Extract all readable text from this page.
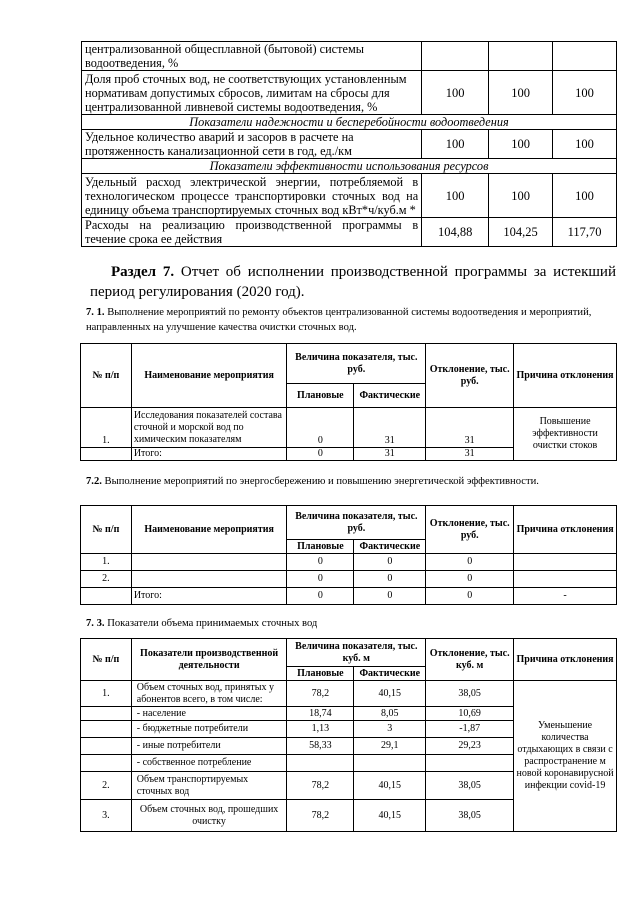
централизованной общесплавной (бытовой) системы водоотведения, %			
Доля проб сточных вод, не соответствующих установленным нормативам допустимых сбросов, лимитам на сбросы для централизованной ливневой системы водоотведения, %	100	100	100
Показатели надежности и бесперебойности водоотведения			
Удельное количество аварий и засоров в расчете на протяженность канализационной сети в год, ед./км	100	100	100
Показатели эффективности использования ресурсов			
Удельный расход электрической энергии, потребляемой в технологическом процессе транспортировки сточных вод на единицу объема транспортируемых сточных вод кВт*ч/куб.м *	100	100	100
Расходы на реализацию производственной программы в течение срока ее действия	104,88	104,25	117,70
Раздел 7. Отчет об исполнении производственной программы за истекший период регулирования (2020 год).
7. 1. Выполнение мероприятий по ремонту объектов централизованной системы водоотведения и мероприятий, направленных на улучшение качества очистки сточных вод.
№ п/п	Наименование мероприятия	Величина показателя, тыс. руб.		Отклонение, тыс. руб.	Причина отклонения
		Плановые	Фактические		
1.	Исследования показателей состава сточной и морской вод по химическим показателям	0	31	31	Повышение эффективности очистки стоков
	Итого:	0	31	31	
7.2. Выполнение мероприятий по энергосбережению и повышению энергетической эффективности.
№ п/п	Наименование мероприятия	Величина показателя, тыс. руб.		Отклонение, тыс. руб.	Причина отклонения
		Плановые	Фактические		
1.		0	0	0	
2.		0	0	0	
	Итого:	0	0	0	-
7. 3. Показатели объема принимаемых сточных вод
№ п/п	Показатели производственной деятельности	Величина показателя, тыс. куб. м		Отклонение, тыс. куб. м	Причина отклонения
		Плановые	Фактические		
1.	Объем сточных вод, принятых у абонентов всего, в том числе:	78,2	40,15	38,05	Уменьшение количества отдыхающих в связи с распространение м новой коронавирусной инфекции covid-19
	- население	18,74	8,05	10,69	
	- бюджетные потребители	1,13	3	-1,87	
	- иные потребители	58,33	29,1	29,23	
	- собственное потребление				
2.	Объем транспортируемых сточных вод	78,2	40,15	38,05	
3.	Объем сточных вод, прошедших очистку	78,2	40,15	38,05	
